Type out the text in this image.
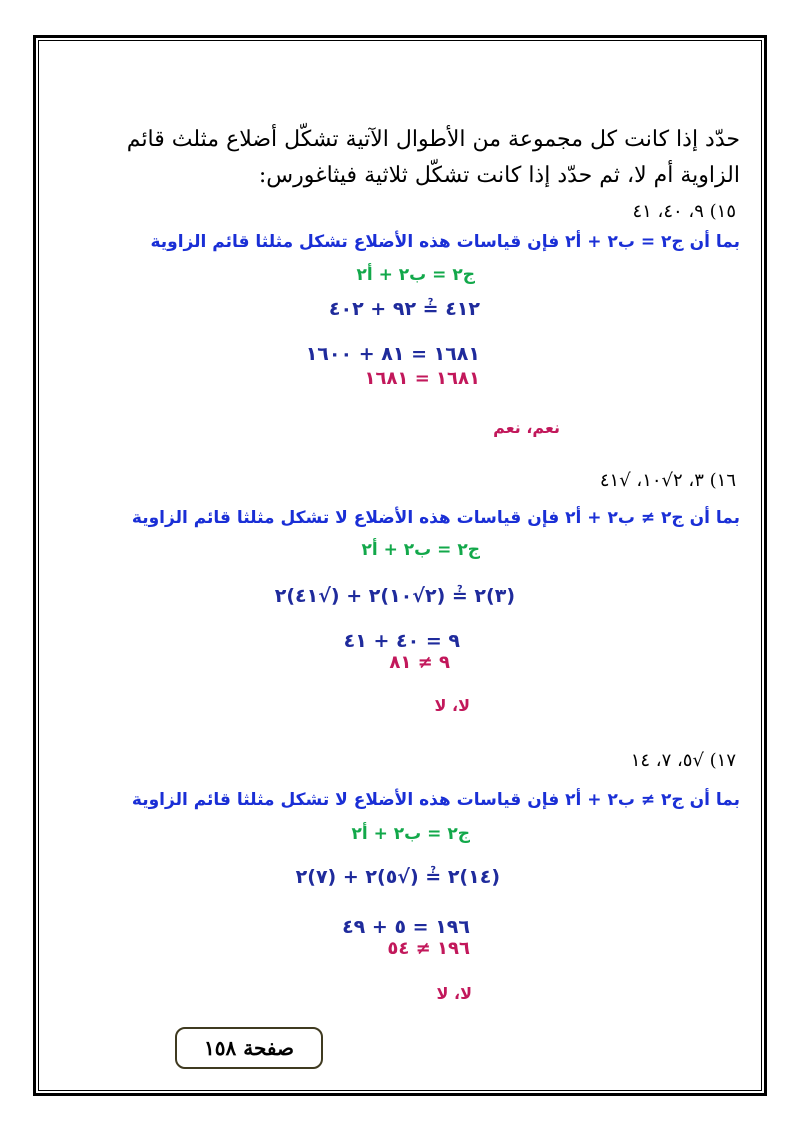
حدّد إذا كانت كل مجموعة من الأطوال الآتية تشكّل أضلاع مثلث قائم
الزاوية أم لا، ثم حدّد إذا كانت تشكّل ثلاثية فيثاغورس:
١٥) ٩، ٤٠، ٤١
بما أن ج٢ = ب٢ + أ٢ فإن قياسات هذه الأضلاع تشكل مثلثا قائم الزاوية
ج٢ = ب٢ + أ٢
٤١٢ ≟ ٩٢ + ٤٠٢
١٦٨١ = ٨١ + ١٦٠٠
١٦٨١ = ١٦٨١
نعم، نعم
١٦) ٣، ٢√١٠، √٤١
بما أن ج٢ ≠ ب٢ + أ٢ فإن قياسات هذه الأضلاع لا تشكل مثلثا قائم الزاوية
ج٢ = ب٢ + أ٢
(٣)٢ ≟ (٢√١٠)٢ + (√٤١)٢
٩ = ٤٠ + ٤١
٩ ≠ ٨١
لا، لا
١٧) √٥، ٧، ١٤
بما أن ج٢ ≠ ب٢ + أ٢ فإن قياسات هذه الأضلاع لا تشكل مثلثا قائم الزاوية
ج٢ = ب٢ + أ٢
(١٤)٢ ≟ (√٥)٢ + (٧)٢
١٩٦ = ٥ + ٤٩
١٩٦ ≠ ٥٤
لا، لا
صفحة ١٥٨
